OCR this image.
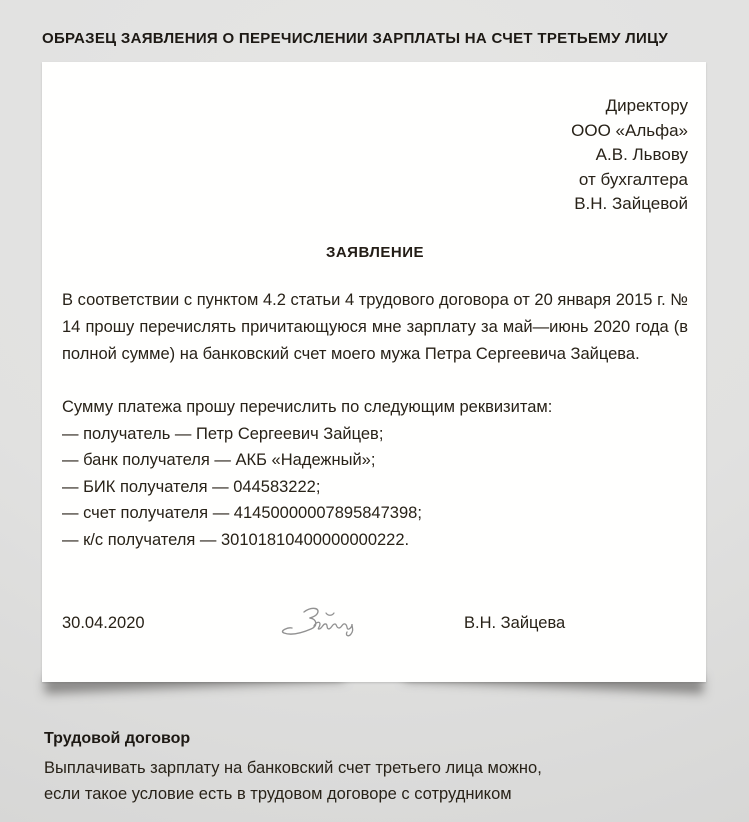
ОБРАЗЕЦ ЗАЯВЛЕНИЯ О ПЕРЕЧИСЛЕНИИ ЗАРПЛАТЫ НА СЧЕТ ТРЕТЬЕМУ ЛИЦУ
Директору
ООО «Альфа»
А.В. Львову
от бухгалтера
В.Н. Зайцевой
ЗАЯВЛЕНИЕ
В соответствии с пунктом 4.2 статьи 4 трудового договора от 20 января 2015 г. № 14 прошу перечислять причитающуюся мне зарплату за май—июнь 2020 года (в полной сумме) на банковский счет моего мужа Петра Сергеевича Зайцева.
Сумму платежа прошу перечислить по следующим реквизитам:
— получатель — Петр Сергеевич Зайцев;
— банк получателя — АКБ «Надежный»;
— БИК получателя — 044583222;
— счет получателя — 41450000007895847398;
— к/с получателя — 30101810400000000222.
30.04.2020	В.Н. Зайцева
Трудовой договор
Выплачивать зарплату на банковский счет третьего лица можно,
если такое условие есть в трудовом договоре с сотрудником
